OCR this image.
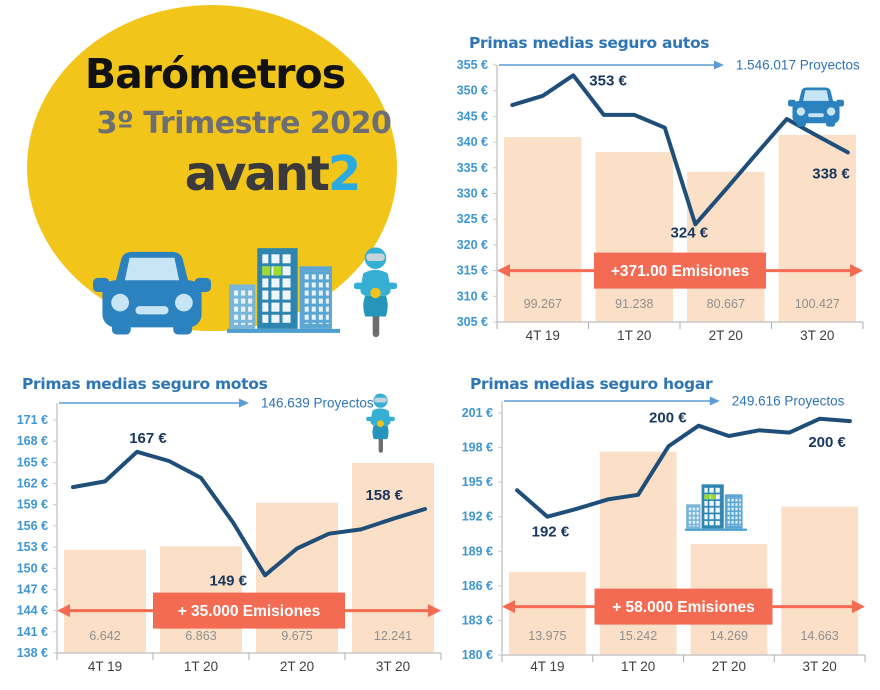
Barómetros
3º Trimestre 2020
avant2
Primas medias seguro autos
355 €
350 €
345 €
340 €
335 €
330 €
325 €
320 €
315 €
310 €
305 €
4T 19
99.267
1T 20
91.238
2T 20
80.667
3T 20
100.427
1.546.017 Proyectos
+371.00 Emisiones
353 €
324 €
338 €
Primas medias seguro motos
171 €
168 €
165 €
162 €
159 €
156 €
153 €
150 €
147 €
144 €
141 €
138 €
4T 19
6.642
1T 20
6.863
2T 20
9.675
3T 20
12.241
146.639 Proyectos
+ 35.000 Emisiones
167 €
149 €
158 €
Primas medias seguro hogar
201 €
198 €
195 €
192 €
189 €
186 €
183 €
180 €
4T 19
13.975
1T 20
15.242
2T 20
14.269
3T 20
14.663
249.616 Proyectos
+ 58.000 Emisiones
192 €
200 €
200 €
